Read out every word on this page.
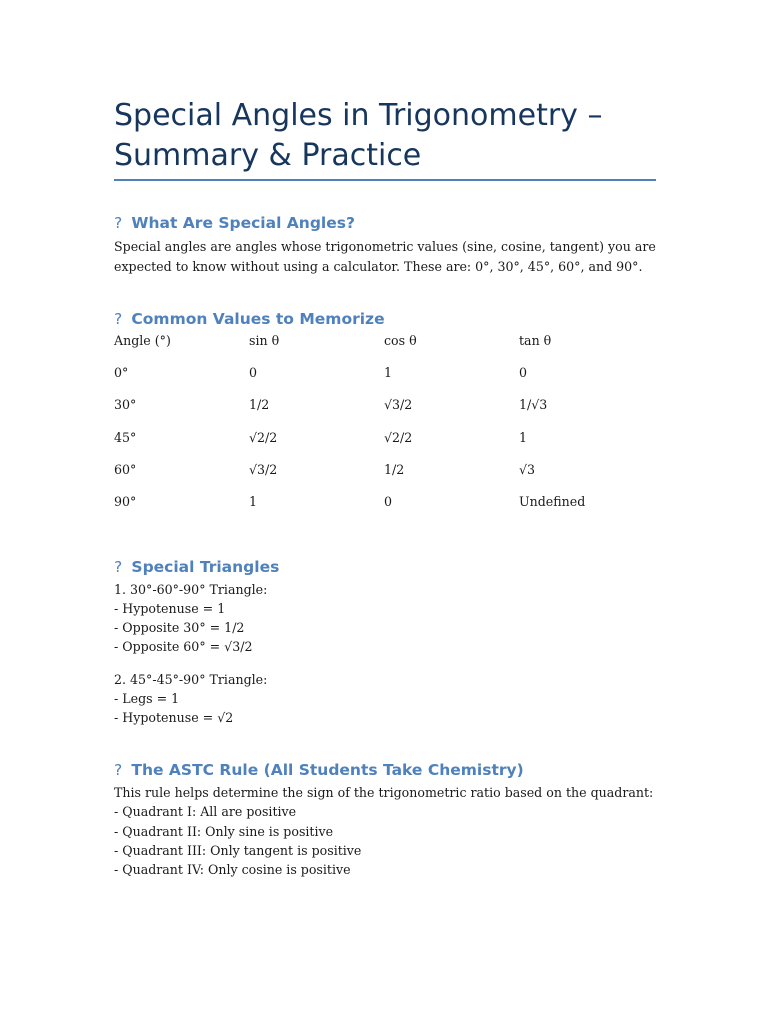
Special Angles in Trigonometry – Summary & Practice
? What Are Special Angles?
Special angles are angles whose trigonometric values (sine, cosine, tangent) you are
expected to know without using a calculator. These are: 0°, 30°, 45°, 60°, and 90°.
? Common Values to Memorize
Angle (°)	sin θ	cos θ	tan θ
0°	0	1	0
30°	1/2	√3/2	1/√3
45°	√2/2	√2/2	1
60°	√3/2	1/2	√3
90°	1	0	Undefined
? Special Triangles
1. 30°-60°-90° Triangle:
- Hypotenuse = 1
- Opposite 30° = 1/2
- Opposite 60° = √3/2
2. 45°-45°-90° Triangle:
- Legs = 1
- Hypotenuse = √2
? The ASTC Rule (All Students Take Chemistry)
This rule helps determine the sign of the trigonometric ratio based on the quadrant:
- Quadrant I: All are positive
- Quadrant II: Only sine is positive
- Quadrant III: Only tangent is positive
- Quadrant IV: Only cosine is positive
